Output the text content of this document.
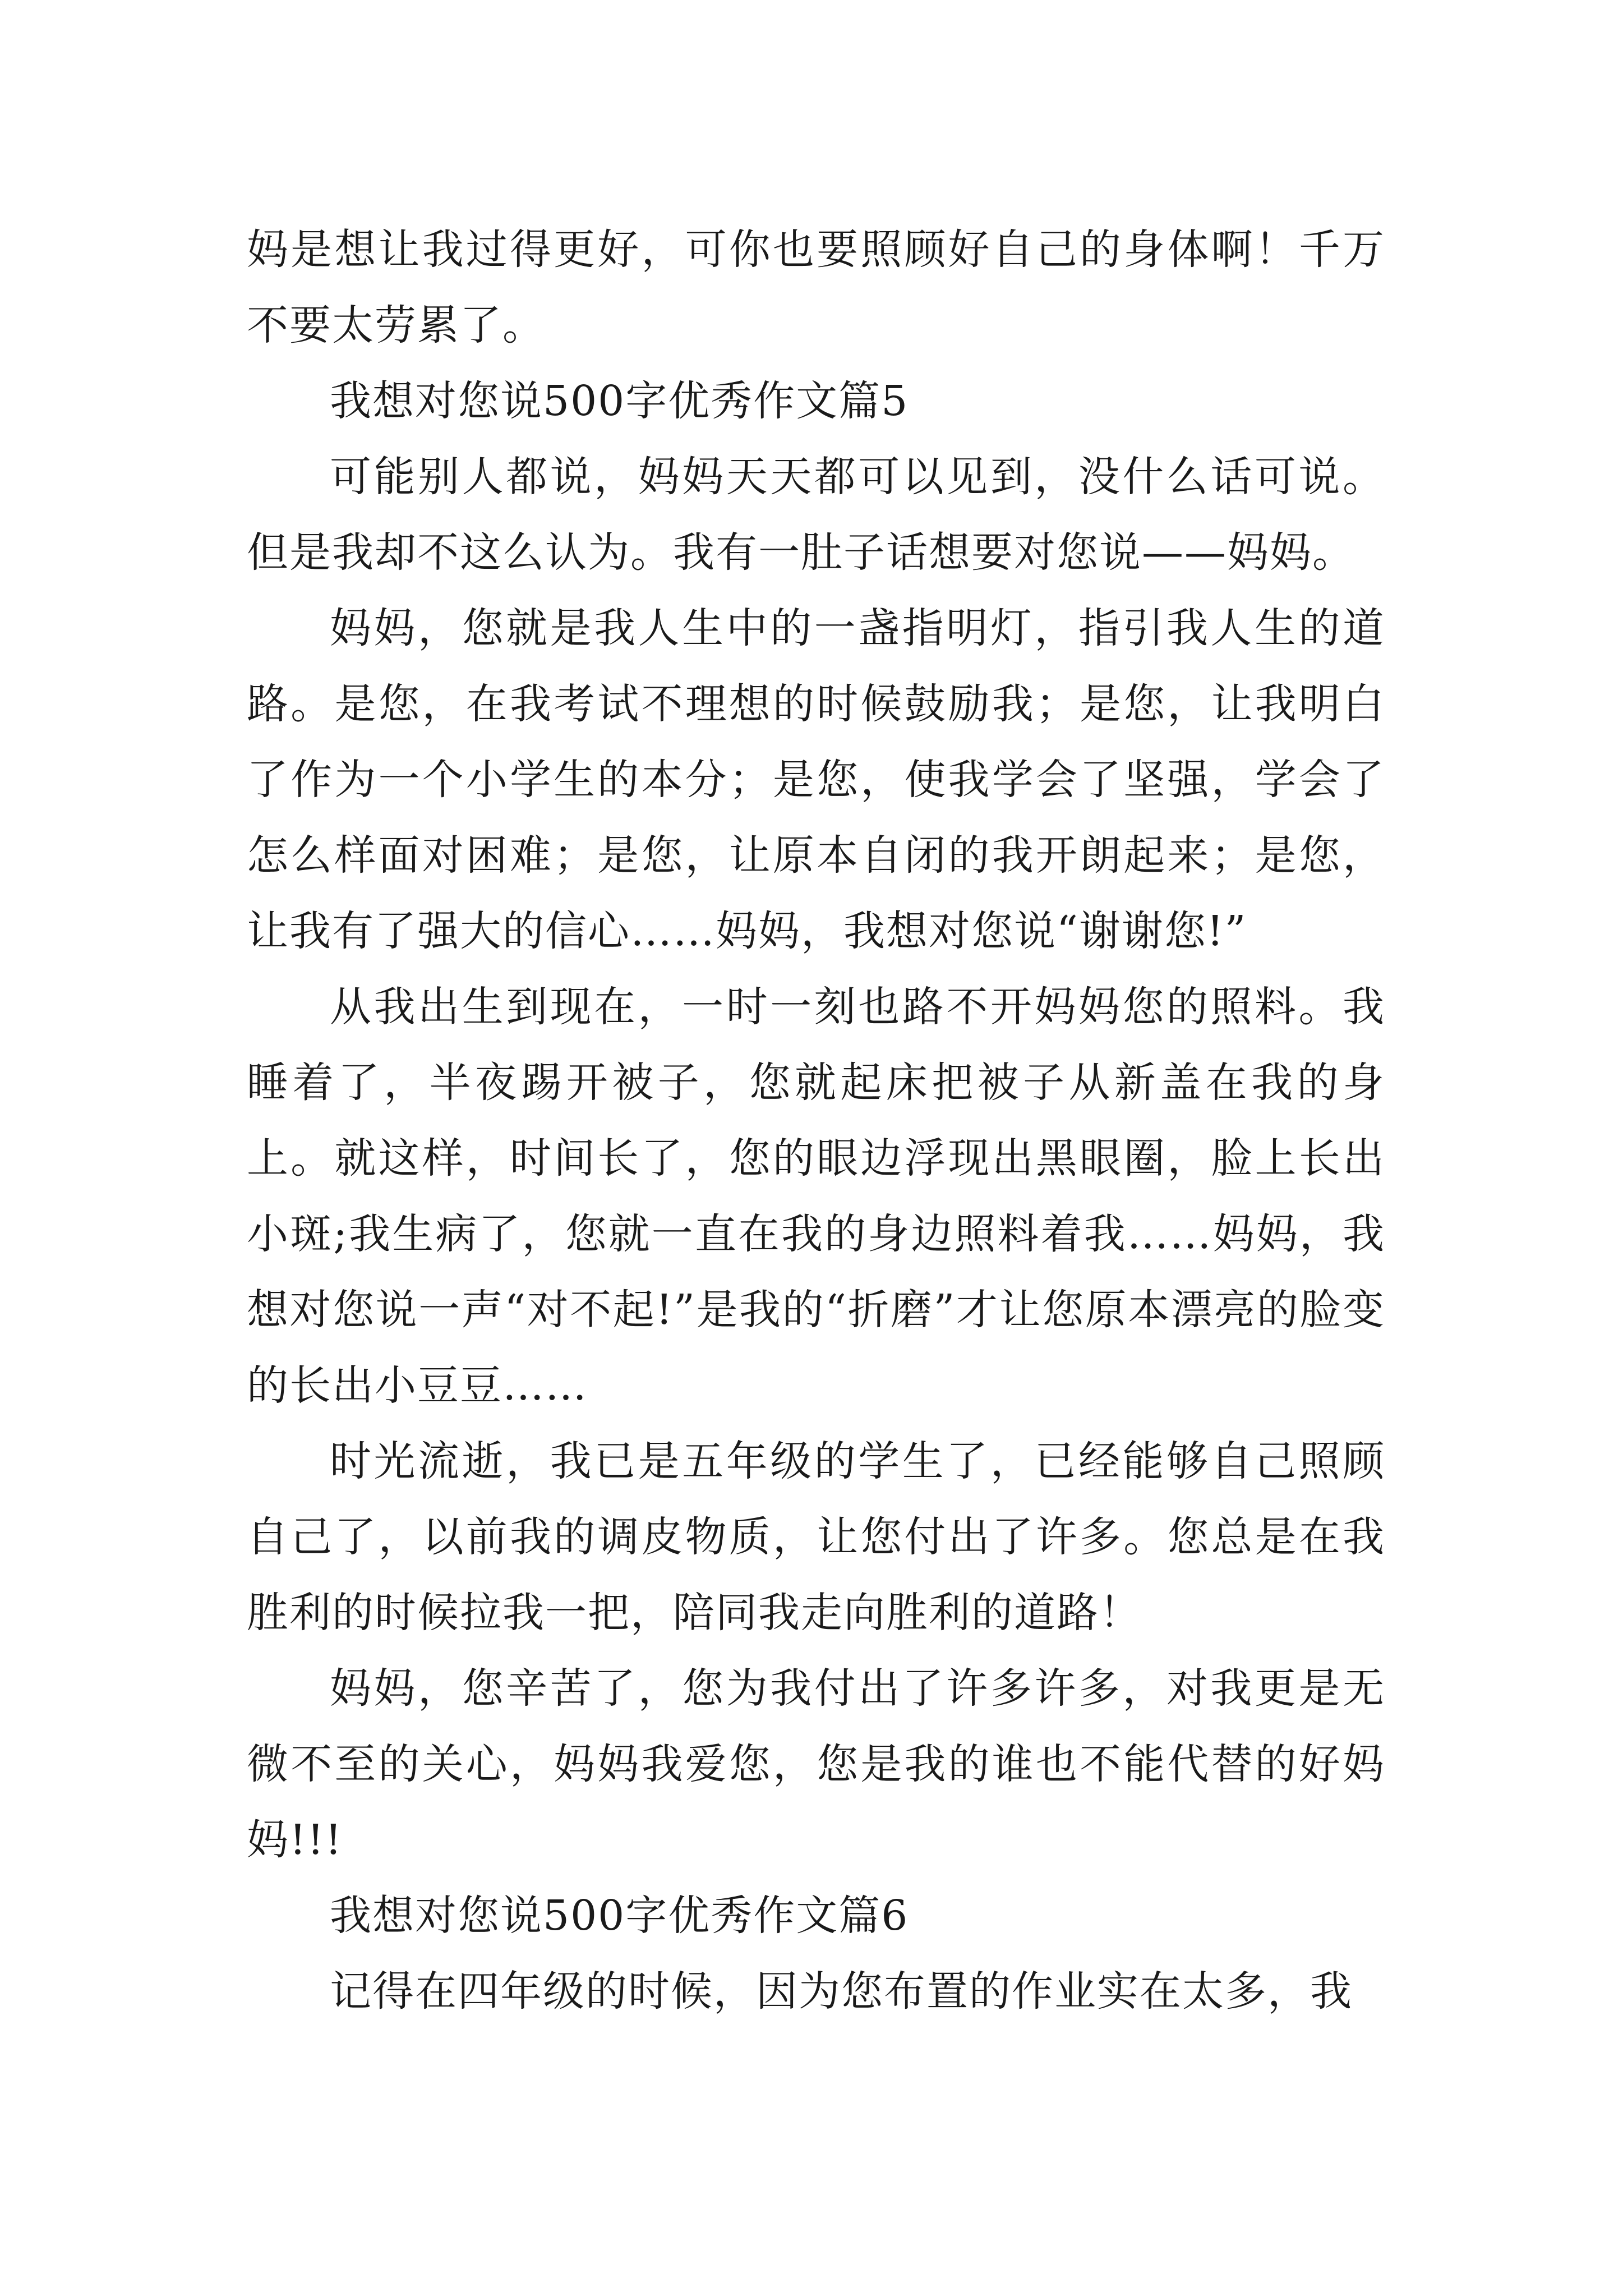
妈是想让我过得更好，可你也要照顾好自己的身体啊！千万不要太劳累了。

我想对您说500字优秀作文篇5

可能别人都说，妈妈天天都可以见到，没什么话可说。但是我却不这么认为。我有一肚子话想要对您说——妈妈。

妈妈，您就是我人生中的一盏指明灯，指引我人生的道路。是您，在我考试不理想的时候鼓励我；是您，让我明白了作为一个小学生的本分；是您，使我学会了坚强，学会了怎么样面对困难；是您，让原本自闭的我开朗起来；是您，让我有了强大的信心……妈妈，我想对您说“谢谢您!”

从我出生到现在，一时一刻也路不开妈妈您的照料。我睡着了，半夜踢开被子，您就起床把被子从新盖在我的身上。就这样，时间长了，您的眼边浮现出黑眼圈，脸上长出小斑;我生病了，您就一直在我的身边照料着我……妈妈，我想对您说一声“对不起!”是我的“折磨”才让您原本漂亮的脸变的长出小豆豆……

时光流逝，我已是五年级的学生了，已经能够自己照顾自己了，以前我的调皮物质，让您付出了许多。您总是在我胜利的时候拉我一把，陪同我走向胜利的道路！

妈妈，您辛苦了，您为我付出了许多许多，对我更是无微不至的关心，妈妈我爱您，您是我的谁也不能代替的好妈妈!!!

我想对您说500字优秀作文篇6

记得在四年级的时候，因为您布置的作业实在太多，我
